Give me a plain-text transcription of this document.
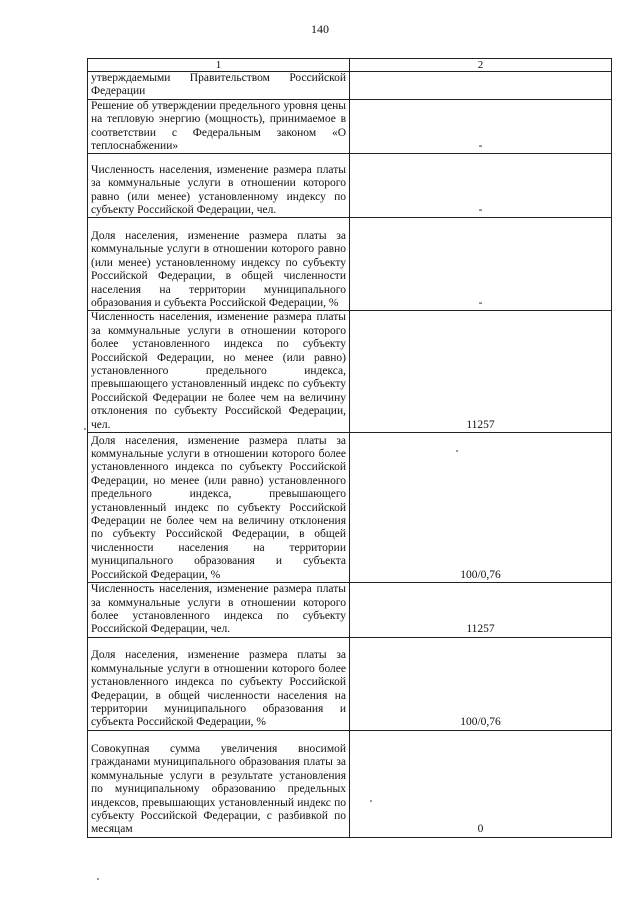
140
1	2
утверждаемыми Правительством Российской Федерации	
Решение об утверждении предельного уровня цены на тепловую энергию (мощность), принимаемое в соответствии с Федеральным законом «О теплоснабжении»	-
Численность населения, изменение размера платы за коммунальные услуги в отношении которого равно (или менее) установленному индексу по субъекту Российской Федерации, чел.	-
Доля населения, изменение размера платы за коммунальные услуги в отношении которого равно (или менее) установленному индексу по субъекту Российской Федерации, в общей численности населения на территории муниципального образования и субъекта Российской Федерации, %	-
Численность населения, изменение размера платы за коммунальные услуги в отношении которого более установленного индекса по субъекту Российской Федерации, но менее (или равно) установленного предельного индекса, превышающего установленный индекс по субъекту Российской Федерации не более чем на величину отклонения по субъекту Российской Федерации, чел.	11257
Доля населения, изменение размера платы за коммунальные услуги в отношении которого более установленного индекса по субъекту Российской Федерации, но менее (или равно) установленного предельного индекса, превышающего установленный индекс по субъекту Российской Федерации не более чем на величину отклонения по субъекту Российской Федерации, в общей численности населения на территории муниципального образования и субъекта Российской Федерации, %	100/0,76
Численность населения, изменение размера платы за коммунальные услуги в отношении которого более установленного индекса по субъекту Российской Федерации, чел.	11257
Доля населения, изменение размера платы за коммунальные услуги в отношении которого более установленного индекса по субъекту Российской Федерации, в общей численности населения на территории муниципального образования и субъекта Российской Федерации, %	100/0,76
Совокупная сумма увеличения вносимой гражданами муниципального образования платы за коммунальные услуги в результате установления по муниципальному образованию предельных индексов, превышающих установленный индекс по субъекту Российской Федерации, с разбивкой по месяцам	0
